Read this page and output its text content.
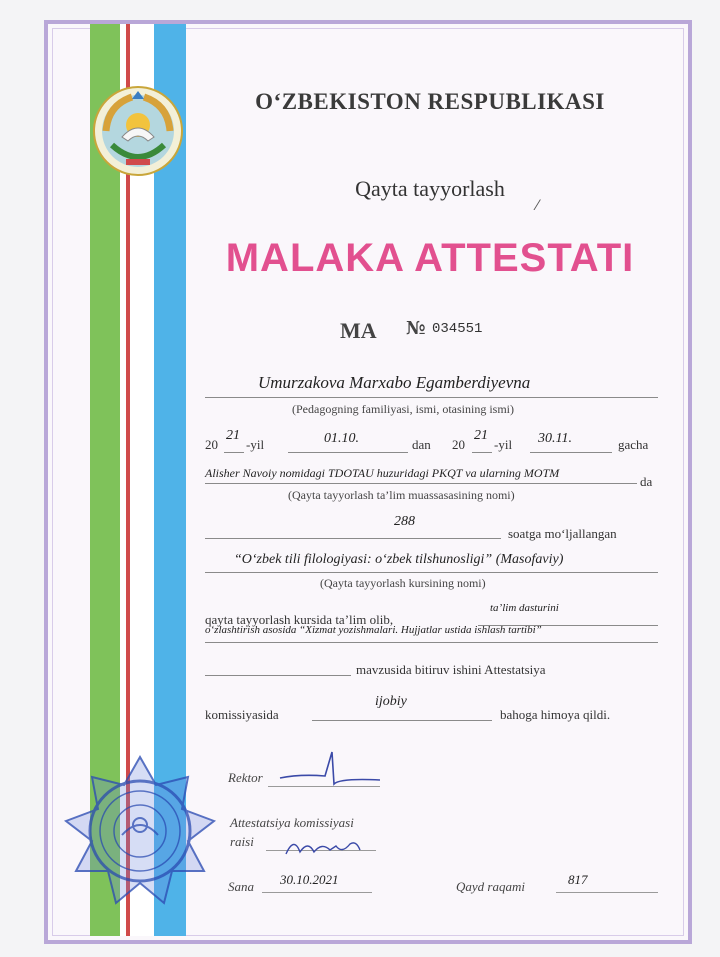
O‘ZBEKISTON RESPUBLIKASI
Qayta tayyorlash
⁄
MALAKA ATTESTATI
MA № 034551
Umurzakova Marxabo Egamberdiyevna
(Pedagogning familiyasi, ismi, otasining ismi)
20
21
-yil	01.10.	dan 20
21
-yil 30.11.	gacha
Alisher Navoiy nomidagi TDOTAU huzuridagi PKQT va ularning MOTM
da
(Qayta tayyorlash ta’lim muassasasining nomi)
288
soatga mo‘ljallangan
“O‘zbek tili filologiyasi: o‘zbek tilshunosligi” (Masofaviy)
(Qayta tayyorlash kursining nomi)
qayta tayyorlash kursida ta’lim olib,
ta’lim dasturini
o‘zlashtirish asosida “Xizmat yozishmalari. Hujjatlar ustida ishlash tartibi”
mavzusida bitiruv ishini Attestatsiya
komissiyasida
ijobiy
bahoga himoya qildi.
Rektor
Attestatsiya komissiyasi
raisi
Sana 30.10.2021	Qayd raqami	817
